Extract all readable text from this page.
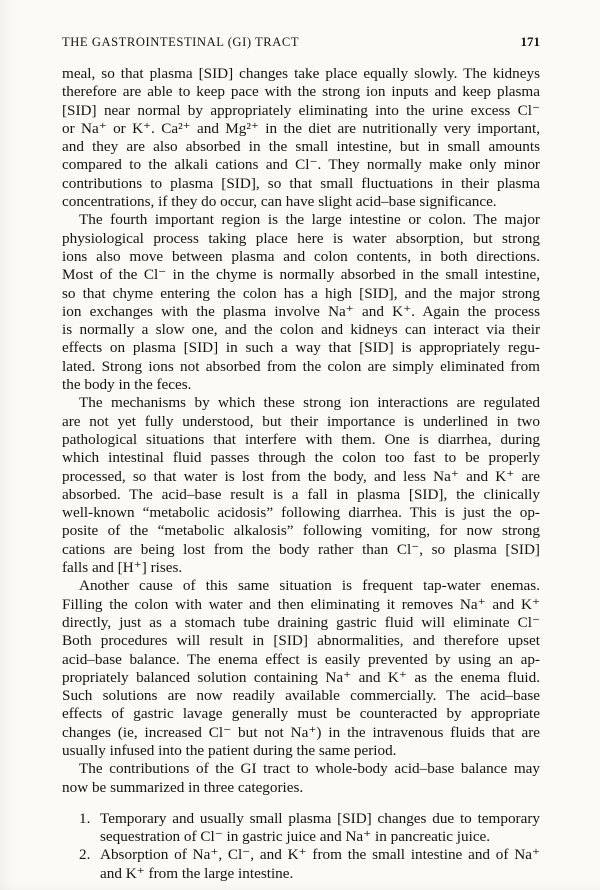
THE GASTROINTESTINAL (GI) TRACT	171
meal, so that plasma [SID] changes take place equally slowly. The kidneys
therefore are able to keep pace with the strong ion inputs and keep plasma
[SID] near normal by appropriately eliminating into the urine excess Cl⁻
or Na⁺ or K⁺. Ca²⁺ and Mg²⁺ in the diet are nutritionally very important,
and they are also absorbed in the small intestine, but in small amounts
compared to the alkali cations and Cl⁻. They normally make only minor
contributions to plasma [SID], so that small fluctuations in their plasma
concentrations, if they do occur, can have slight acid–base significance.
The fourth important region is the large intestine or colon. The major
physiological process taking place here is water absorption, but strong
ions also move between plasma and colon contents, in both directions.
Most of the Cl⁻ in the chyme is normally absorbed in the small intestine,
so that chyme entering the colon has a high [SID], and the major strong
ion exchanges with the plasma involve Na⁺ and K⁺. Again the process
is normally a slow one, and the colon and kidneys can interact via their
effects on plasma [SID] in such a way that [SID] is appropriately regu-
lated. Strong ions not absorbed from the colon are simply eliminated from
the body in the feces.
The mechanisms by which these strong ion interactions are regulated
are not yet fully understood, but their importance is underlined in two
pathological situations that interfere with them. One is diarrhea, during
which intestinal fluid passes through the colon too fast to be properly
processed, so that water is lost from the body, and less Na⁺ and K⁺ are
absorbed. The acid–base result is a fall in plasma [SID], the clinically
well-known “metabolic acidosis” following diarrhea. This is just the op-
posite of the “metabolic alkalosis” following vomiting, for now strong
cations are being lost from the body rather than Cl⁻, so plasma [SID]
falls and [H⁺] rises.
Another cause of this same situation is frequent tap-water enemas.
Filling the colon with water and then eliminating it removes Na⁺ and K⁺
directly, just as a stomach tube draining gastric fluid will eliminate Cl⁻
Both procedures will result in [SID] abnormalities, and therefore upset
acid–base balance. The enema effect is easily prevented by using an ap-
propriately balanced solution containing Na⁺ and K⁺ as the enema fluid.
Such solutions are now readily available commercially. The acid–base
effects of gastric lavage generally must be counteracted by appropriate
changes (ie, increased Cl⁻ but not Na⁺) in the intravenous fluids that are
usually infused into the patient during the same period.
The contributions of the GI tract to whole-body acid–base balance may
now be summarized in three categories.
1. Temporary and usually small plasma [SID] changes due to temporary
sequestration of Cl⁻ in gastric juice and Na⁺ in pancreatic juice.
2. Absorption of Na⁺, Cl⁻, and K⁺ from the small intestine and of Na⁺
and K⁺ from the large intestine.
